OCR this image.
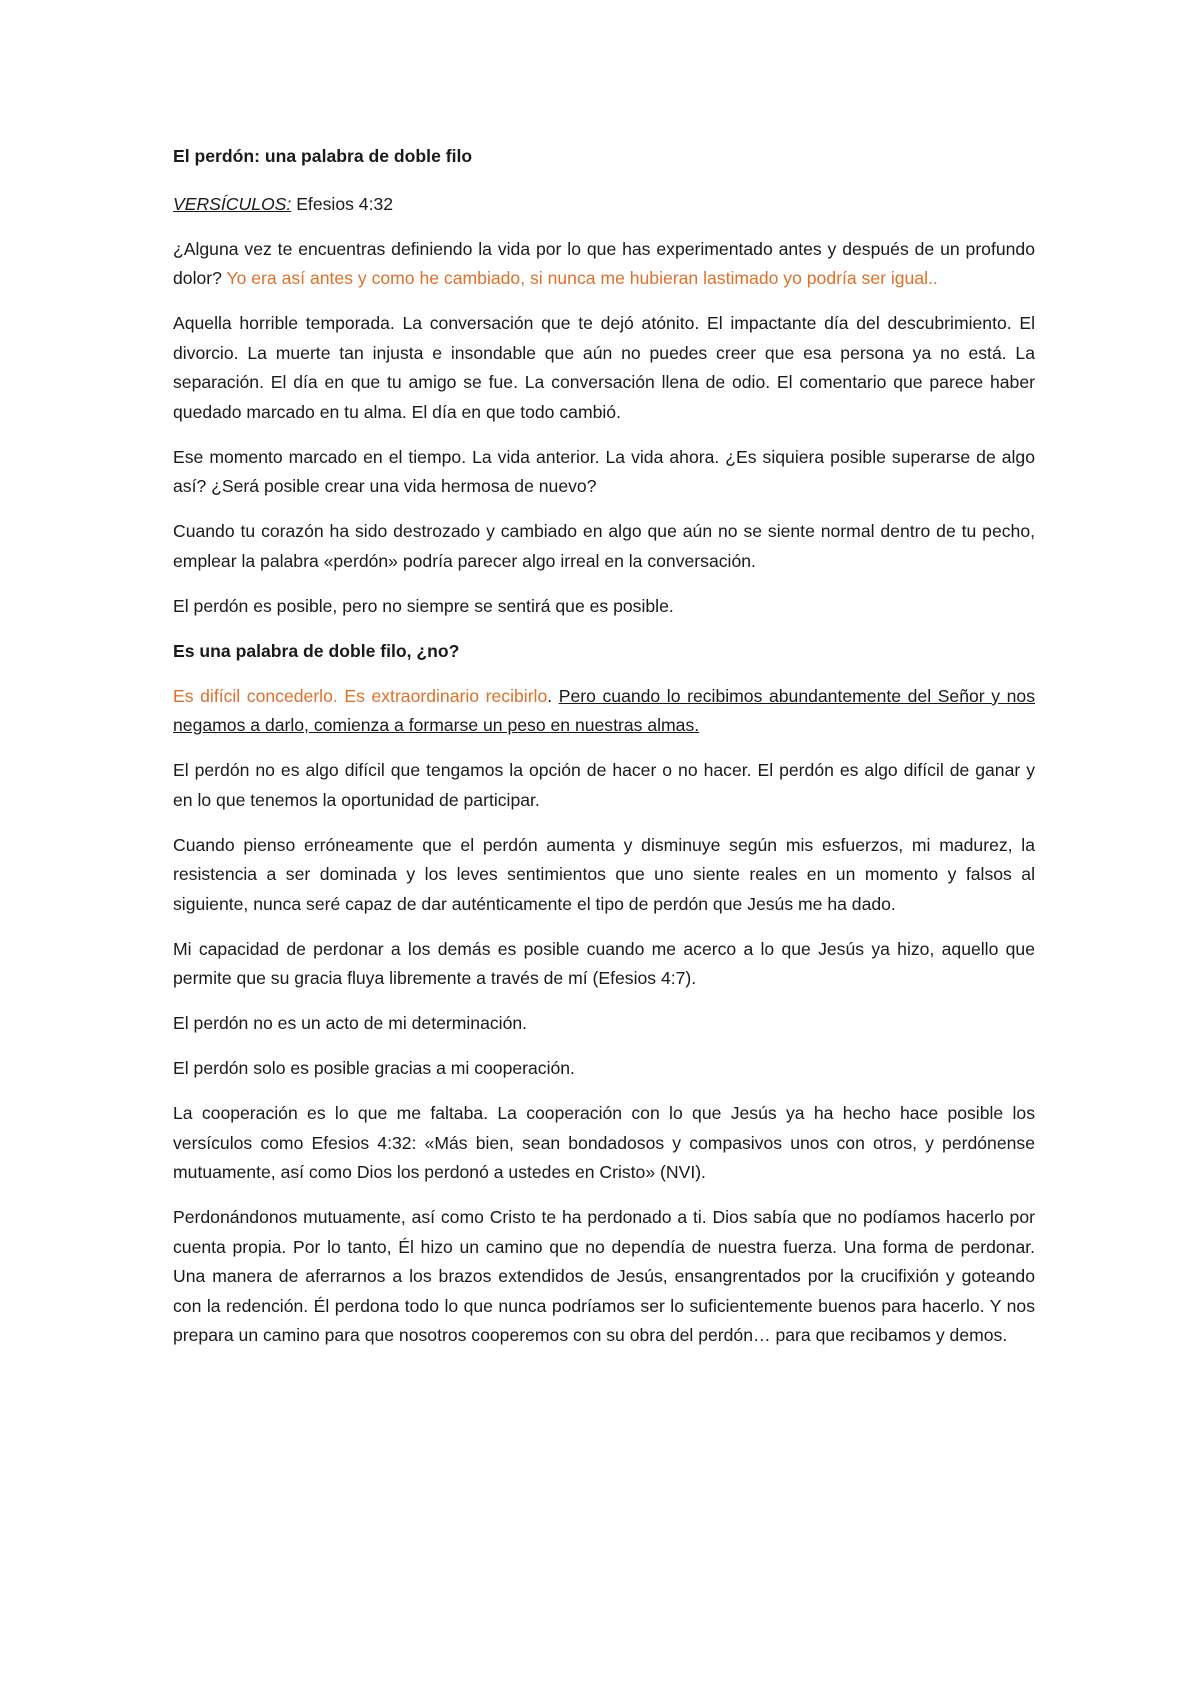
El perdón: una palabra de doble filo

VERSÍCULOS: Efesios 4:32

¿Alguna vez te encuentras definiendo la vida por lo que has experimentado antes y después de un profundo dolor? Yo era así antes y como he cambiado, si nunca me hubieran lastimado yo podría ser igual..

Aquella horrible temporada. La conversación que te dejó atónito. El impactante día del descubrimiento. El divorcio. La muerte tan injusta e insondable que aún no puedes creer que esa persona ya no está. La separación. El día en que tu amigo se fue. La conversación llena de odio. El comentario que parece haber quedado marcado en tu alma. El día en que todo cambió.

Ese momento marcado en el tiempo. La vida anterior. La vida ahora. ¿Es siquiera posible superarse de algo así? ¿Será posible crear una vida hermosa de nuevo?

Cuando tu corazón ha sido destrozado y cambiado en algo que aún no se siente normal dentro de tu pecho, emplear la palabra «perdón» podría parecer algo irreal en la conversación.

El perdón es posible, pero no siempre se sentirá que es posible.

Es una palabra de doble filo, ¿no?

Es difícil concederlo. Es extraordinario recibirlo. Pero cuando lo recibimos abundantemente del Señor y nos negamos a darlo, comienza a formarse un peso en nuestras almas.

El perdón no es algo difícil que tengamos la opción de hacer o no hacer. El perdón es algo difícil de ganar y en lo que tenemos la oportunidad de participar.

Cuando pienso erróneamente que el perdón aumenta y disminuye según mis esfuerzos, mi madurez, la resistencia a ser dominada y los leves sentimientos que uno siente reales en un momento y falsos al siguiente, nunca seré capaz de dar auténticamente el tipo de perdón que Jesús me ha dado.

Mi capacidad de perdonar a los demás es posible cuando me acerco a lo que Jesús ya hizo, aquello que permite que su gracia fluya libremente a través de mí (Efesios 4:7).

El perdón no es un acto de mi determinación.

El perdón solo es posible gracias a mi cooperación.

La cooperación es lo que me faltaba. La cooperación con lo que Jesús ya ha hecho hace posible los versículos como Efesios 4:32: «Más bien, sean bondadosos y compasivos unos con otros, y perdónense mutuamente, así como Dios los perdonó a ustedes en Cristo» (NVI).

Perdonándonos mutuamente, así como Cristo te ha perdonado a ti. Dios sabía que no podíamos hacerlo por cuenta propia. Por lo tanto, Él hizo un camino que no dependía de nuestra fuerza. Una forma de perdonar. Una manera de aferrarnos a los brazos extendidos de Jesús, ensangrentados por la crucifixión y goteando con la redención. Él perdona todo lo que nunca podríamos ser lo suficientemente buenos para hacerlo. Y nos prepara un camino para que nosotros cooperemos con su obra del perdón… para que recibamos y demos.
